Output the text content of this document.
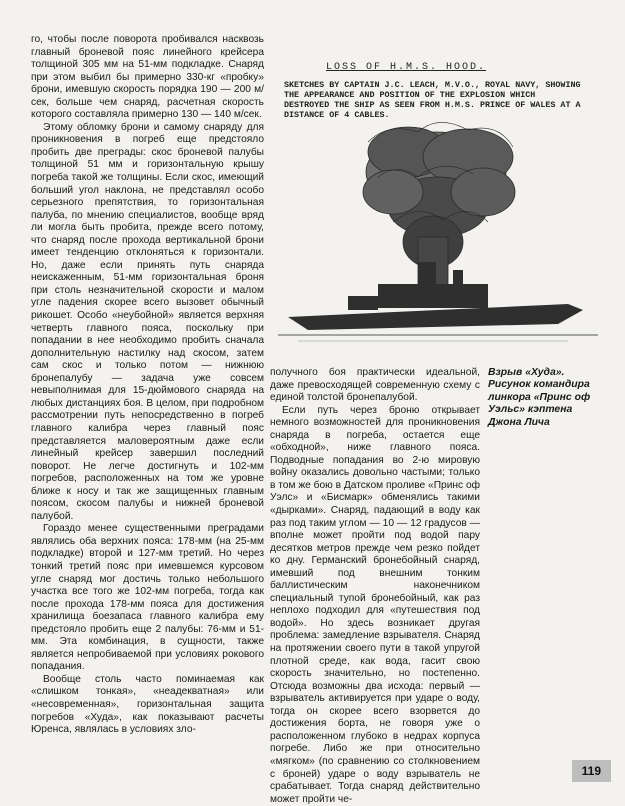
го, чтобы после поворота пробивался насквозь главный броневой пояс линейного крейсера толщиной 305 мм на 51-мм подкладке. Снаряд при этом выбил бы примерно 330-кг «пробку» брони, имевшую скорость порядка 190 — 200 м/сек, больше чем снаряд, расчетная скорость которого составляла примерно 130 — 140 м/сек.

Этому обломку брони и самому снаряду для проникновения в погреб еще предстояло пробить две преграды: скос броневой палубы толщиной 51 мм и горизонтальную крышу погреба такой же толщины. Если скос, имеющий больший угол наклона, не представлял особо серьезного препятствия, то горизонтальная палуба, по мнению специалистов, вообще вряд ли могла быть пробита, прежде всего потому, что снаряд после прохода вертикальной брони имеет тенденцию отклоняться к горизонтали. Но, даже если принять путь снаряда неискаженным, 51-мм горизонтальная броня при столь незначительной скорости и малом угле падения скорее всего вызовет обычный рикошет. Особо «неубойной» является верхняя четверть главного пояса, поскольку при попадании в нее необходимо пробить сначала дополнительную настилку над скосом, затем сам скос и только потом — нижнюю бронепалубу — задача уже совсем невыполнимая для 15-дюймового снаряда на любых дистанциях боя. В целом, при подробном рассмотрении путь непосредственно в погреб главного калибра через главный пояс представляется маловероятным даже если линейный крейсер завершил последний поворот. Не легче достигнуть и 102-мм погребов, расположенных на том же уровне ближе к носу и так же защищенных главным поясом, скосом палубы и нижней броневой палубой.

Гораздо менее существенными преградами являлись оба верхних пояса: 178-мм (на 25-мм подкладке) второй и 127-мм третий. Но через тонкий третий пояс при имевшемся курсовом угле снаряд мог достичь только небольшого участка все того же 102-мм погреба, тогда как после прохода 178-мм пояса для достижения хранилища боезапаса главного калибра ему предстояло пробить еще 2 палубы: 76-мм и 51-мм. Эта комбинация, в сущности, также является непробиваемой при условиях рокового попадания.

Вообще столь часто поминаемая как «слишком тонкая», «неадекватная» или «несовременная», горизонтальная защита погребов «Худа», как показывают расчеты Юренса, являлась в условиях зло-

LOSS OF H.M.S. HOOD.
SKETCHES BY CAPTAIN J.C. LEACH, M.V.O., ROYAL NAVY, SHOWING THE APPEARANCE AND POSITION OF THE EXPLOSION WHICH DESTROYED THE SHIP AS SEEN FROM H.M.S. PRINCE OF WALES AT A DISTANCE OF 4 CABLES.

получного боя практически идеальной, даже превосходящей современную схему с единой толстой бронепалубой.

Если путь через броню открывает немного возможностей для проникновения снаряда в погреба, остается еще «обходной», ниже главного пояса. Подводные попадания во 2-ю мировую войну оказались довольно частыми; только в том же бою в Датском проливе «Принс оф Уэлс» и «Бисмарк» обменялись такими «дырками». Снаряд, падающий в воду как раз под таким углом — 10 — 12 градусов — вполне может пройти под водой пару десятков метров прежде чем резко пойдет ко дну. Германский бронебойный снаряд, имевший под внешним тонким баллистическим наконечником специальный тупой бронебойный, как раз неплохо подходил для «путешествия под водой». Но здесь возникает другая проблема: замедление взрывателя. Снаряд на протяжении своего пути в такой упругой плотной среде, как вода, гасит свою скорость значительно, но постепенно. Отсюда возможны два исхода: первый — взрыватель активируется при ударе о воду, тогда он скорее всего взорвется до достижения борта, не говоря уже о расположенном глубоко в недрах корпуса погребе. Либо же при относительно «мягком» (по сравнению со столкновением с броней) ударе о воду взрыватель не срабатывает. Тогда снаряд действительно может пройти че-

Взрыв «Худа». Рисунок командира линкора «Принс оф Уэльс» кэптена Джона Лича
119
